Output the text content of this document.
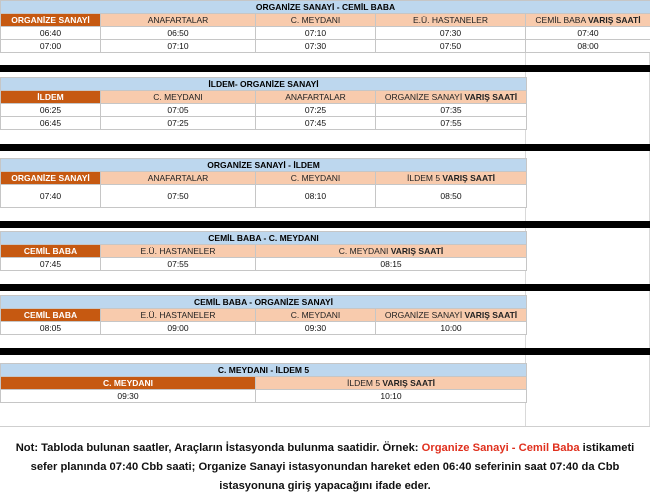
ORGANİZE SANAYİ - CEMİL BABA				
ORGANİZE SANAYİ	ANAFARTALAR	C. MEYDANI	E.Ü. HASTANELER	CEMİL BABA VARIŞ SAATİ
06:40	06:50	07:10	07:30	07:40
07:00	07:10	07:30	07:50	08:00
İLDEM- ORGANİZE SANAYİ			
İLDEM	C. MEYDANI	ANAFARTALAR	ORGANİZE SANAYİ VARIŞ SAATİ
06:25	07:05	07:25	07:35
06:45	07:25	07:45	07:55
ORGANİZE SANAYİ - İLDEM			
ORGANİZE SANAYİ	ANAFARTALAR	C. MEYDANI	İLDEM 5 VARIŞ SAATİ
07:40	07:50	08:10	08:50
CEMİL BABA - C. MEYDANI		
CEMİL BABA	E.Ü. HASTANELER	C. MEYDANI VARIŞ SAATİ
07:45	07:55	08:15
CEMİL BABA - ORGANİZE SANAYİ			
CEMİL BABA	E.Ü. HASTANELER	C. MEYDANI	ORGANİZE SANAYİ VARIŞ SAATİ
08:05	09:00	09:30	10:00
C. MEYDANI - İLDEM 5	
C. MEYDANI	İLDEM 5 VARIŞ SAATİ
09:30	10:10

Not: Tabloda bulunan saatler, Araçların İstasyonda bulunma saatidir. Örnek: Organize Sanayi - Cemil Baba istikameti sefer planında 07:40 Cbb saati; Organize Sanayi istasyonundan hareket eden 06:40 seferinin saat 07:40 da Cbb istasyonuna giriş yapacağını ifade eder.
